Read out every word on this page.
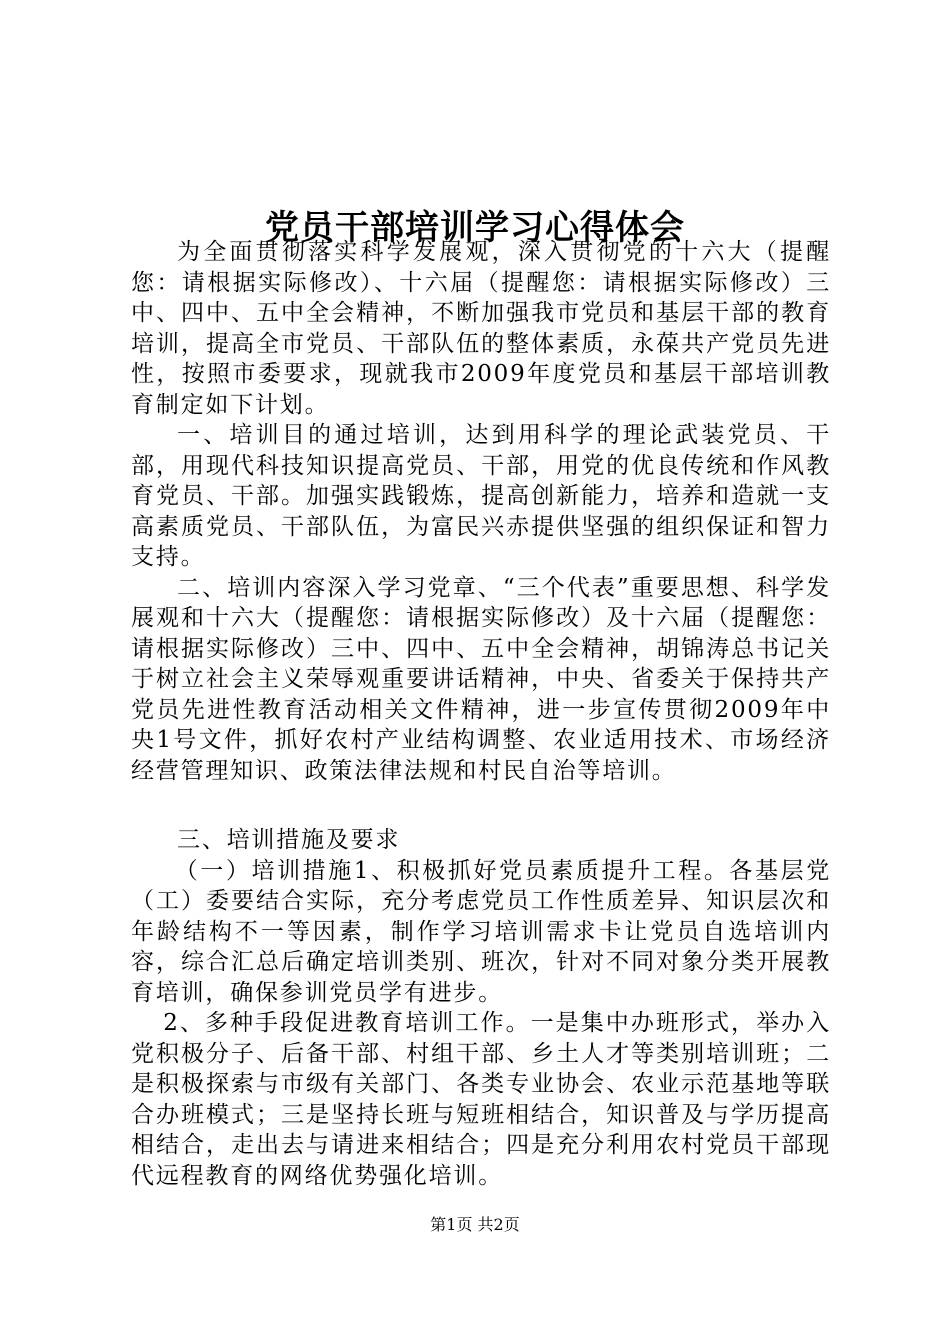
党员干部培训学习心得体会

为全面贯彻落实科学发展观，深入贯彻党的十六大（提醒您：请根据实际修改）、十六届（提醒您：请根据实际修改）三中、四中、五中全会精神，不断加强我市党员和基层干部的教育培训，提高全市党员、干部队伍的整体素质，永葆共产党员先进性，按照市委要求，现就我市2009年度党员和基层干部培训教育制定如下计划。

一、培训目的通过培训，达到用科学的理论武装党员、干部，用现代科技知识提高党员、干部，用党的优良传统和作风教育党员、干部。加强实践锻炼，提高创新能力，培养和造就一支高素质党员、干部队伍，为富民兴赤提供坚强的组织保证和智力支持。

二、培训内容深入学习党章、“三个代表”重要思想、科学发展观和十六大（提醒您：请根据实际修改）及十六届（提醒您：请根据实际修改）三中、四中、五中全会精神，胡锦涛总书记关于树立社会主义荣辱观重要讲话精神，中央、省委关于保持共产党员先进性教育活动相关文件精神，进一步宣传贯彻2009年中央1号文件，抓好农村产业结构调整、农业适用技术、市场经济经营管理知识、政策法律法规和村民自治等培训。

三、培训措施及要求

（一）培训措施1、积极抓好党员素质提升工程。各基层党（工）委要结合实际，充分考虑党员工作性质差异、知识层次和年龄结构不一等因素，制作学习培训需求卡让党员自选培训内容，综合汇总后确定培训类别、班次，针对不同对象分类开展教育培训，确保参训党员学有进步。

2、多种手段促进教育培训工作。一是集中办班形式，举办入党积极分子、后备干部、村组干部、乡土人才等类别培训班；二是积极探索与市级有关部门、各类专业协会、农业示范基地等联合办班模式；三是坚持长班与短班相结合，知识普及与学历提高相结合，走出去与请进来相结合；四是充分利用农村党员干部现代远程教育的网络优势强化培训。

第1页 共2页
